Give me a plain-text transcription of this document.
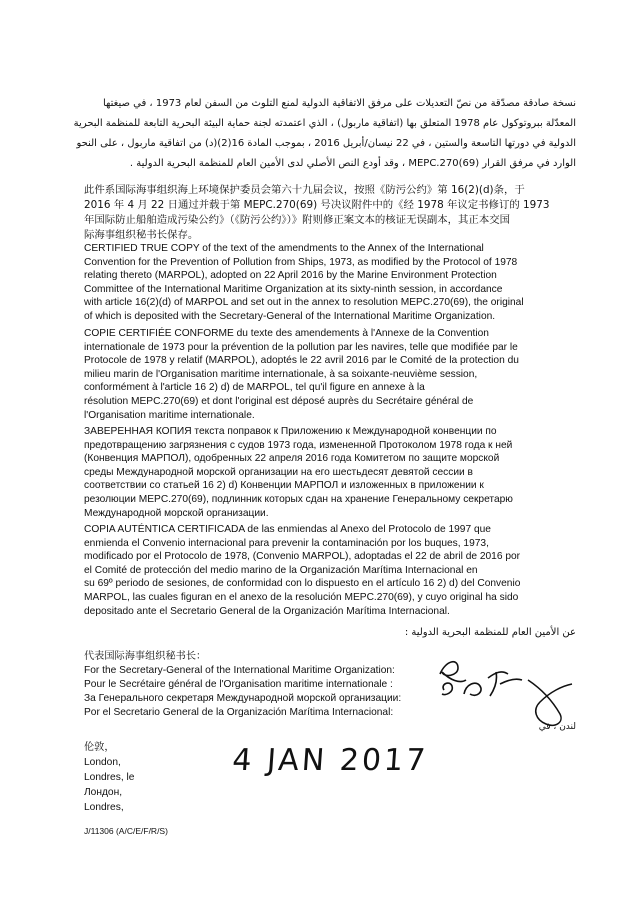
نسخة صادقة مصدّقة من نصّ التعديلات على مرفق الاتفاقية الدولية لمنع التلوث من السفن لعام 1973 ، في صيغتها
المعدّلة ببروتوكول عام 1978 المتعلق بها (اتفاقية ماربول) ، الذي اعتمدته لجنة حماية البيئة البحرية التابعة للمنظمة البحرية
الدولية في دورتها التاسعة والستين ، في 22 نيسان/أبريل 2016 ، بموجب المادة 16(2)(د) من اتفاقية ماربول ، على النحو
الوارد في مرفق القرار MEPC.270(69) ، وقد أودع النص الأصلي لدى الأمين العام للمنظمة البحرية الدولية .
此件系国际海事组织海上环境保护委员会第六十九届会议，按照《防污公约》第 16(2)(d)条，于
2016 年 4 月 22 日通过并载于第 MEPC.270(69) 号决议附件中的《经 1978 年议定书修订的 1973
年国际防止船舶造成污染公约》（《防污公约》）》附则修正案文本的核证无误副本，其正本交国
际海事组织秘书长保存。
CERTIFIED TRUE COPY of the text of the amendments to the Annex of the International
Convention for the Prevention of Pollution from Ships, 1973, as modified by the Protocol of 1978
relating thereto (MARPOL), adopted on 22 April 2016 by the Marine Environment Protection
Committee of the International Maritime Organization at its sixty-ninth session, in accordance
with article 16(2)(d) of MARPOL and set out in the annex to resolution MEPC.270(69), the original
of which is deposited with the Secretary-General of the International Maritime Organization.
COPIE CERTIFIÉE CONFORME du texte des amendements à l'Annexe de la Convention
internationale de 1973 pour la prévention de la pollution par les navires, telle que modifiée par le
Protocole de 1978 y relatif (MARPOL), adoptés le 22 avril 2016 par le Comité de la protection du
milieu marin de l'Organisation maritime internationale, à sa soixante-neuvième session,
conformément à l'article 16 2) d) de MARPOL, tel qu'il figure en annexe à la
résolution MEPC.270(69) et dont l'original est déposé auprès du Secrétaire général de
l'Organisation maritime internationale.
ЗАВЕРЕННАЯ КОПИЯ текста поправок к Приложению к Международной конвенции по
предотвращению загрязнения с судов 1973 года, измененной Протоколом 1978 года к ней
(Конвенция МАРПОЛ), одобренных 22 апреля 2016 года Комитетом по защите морской
среды Международной морской организации на его шестьдесят девятой сессии в
соответствии со статьей 16 2) d) Конвенции МАРПОЛ и изложенных в приложении к
резолюции MEPC.270(69), подлинник которых сдан на хранение Генеральному секретарю
Международной морской организации.
COPIA AUTÉNTICA CERTIFICADA de las enmiendas al Anexo del Protocolo de 1997 que
enmienda el Convenio internacional para prevenir la contaminación por los buques, 1973,
modificado por el Protocolo de 1978, (Convenio MARPOL), adoptadas el 22 de abril de 2016 por
el Comité de protección del medio marino de la Organización Marítima Internacional en
su 69º periodo de sesiones, de conformidad con lo dispuesto en el artículo 16 2) d) del Convenio
MARPOL, las cuales figuran en el anexo de la resolución MEPC.270(69), y cuyo original ha sido
depositado ante el Secretario General de la Organización Marítima Internacional.
عن الأمين العام للمنظمة البحرية الدولية :
代表国际海事组织秘书长：
For the Secretary-General of the International Maritime Organization:
Pour le Secrétaire général de l'Organisation maritime internationale :
За Генерального секретаря Международной морской организации:
Por el Secretario General de la Organización Marítima Internacional:
لندن ، في
伦敦，
London,
Londres, le
Лондон,
Londres,
4 JAN 2017
J/11306 (A/C/E/F/R/S)
